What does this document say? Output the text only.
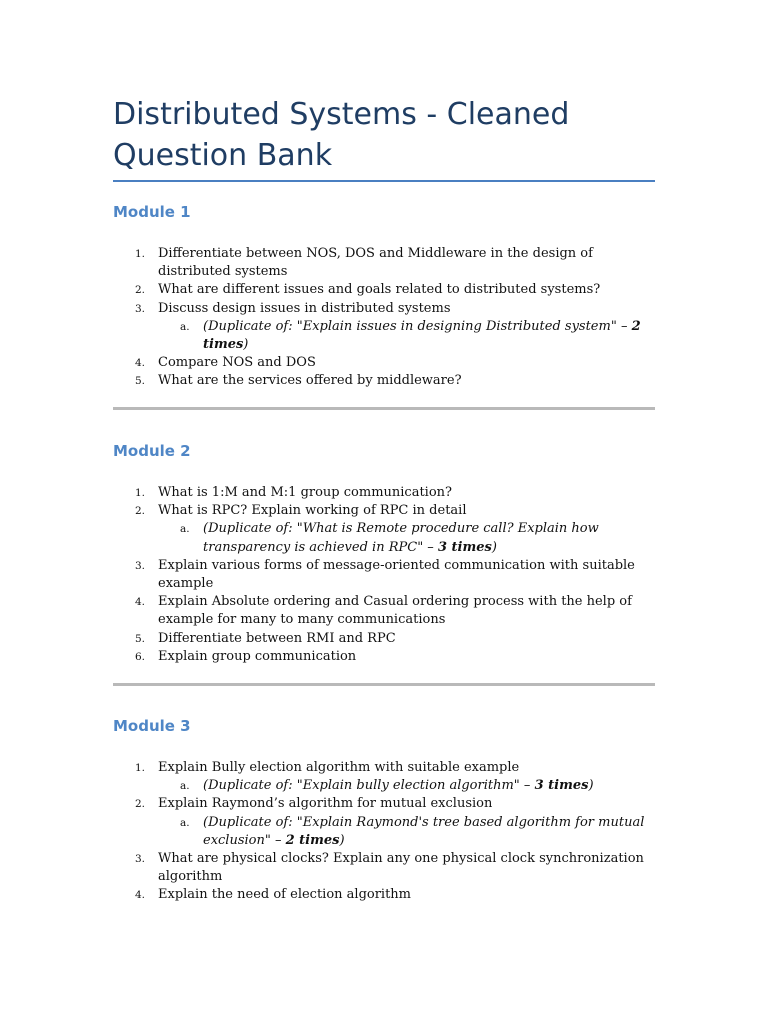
Distributed Systems - Cleaned Question Bank
Module 1
1. Differentiate between NOS, DOS and Middleware in the design of distributed systems
2. What are different issues and goals related to distributed systems?
3. Discuss design issues in distributed systems
a. (Duplicate of: "Explain issues in designing Distributed system" – 2 times)
4. Compare NOS and DOS
5. What are the services offered by middleware?
Module 2
1. What is 1:M and M:1 group communication?
2. What is RPC? Explain working of RPC in detail
a. (Duplicate of: "What is Remote procedure call? Explain how transparency is achieved in RPC" – 3 times)
3. Explain various forms of message-oriented communication with suitable example
4. Explain Absolute ordering and Casual ordering process with the help of example for many to many communications
5. Differentiate between RMI and RPC
6. Explain group communication
Module 3
1. Explain Bully election algorithm with suitable example
a. (Duplicate of: "Explain bully election algorithm" – 3 times)
2. Explain Raymond’s algorithm for mutual exclusion
a. (Duplicate of: "Explain Raymond's tree based algorithm for mutual exclusion" – 2 times)
3. What are physical clocks? Explain any one physical clock synchronization algorithm
4. Explain the need of election algorithm
